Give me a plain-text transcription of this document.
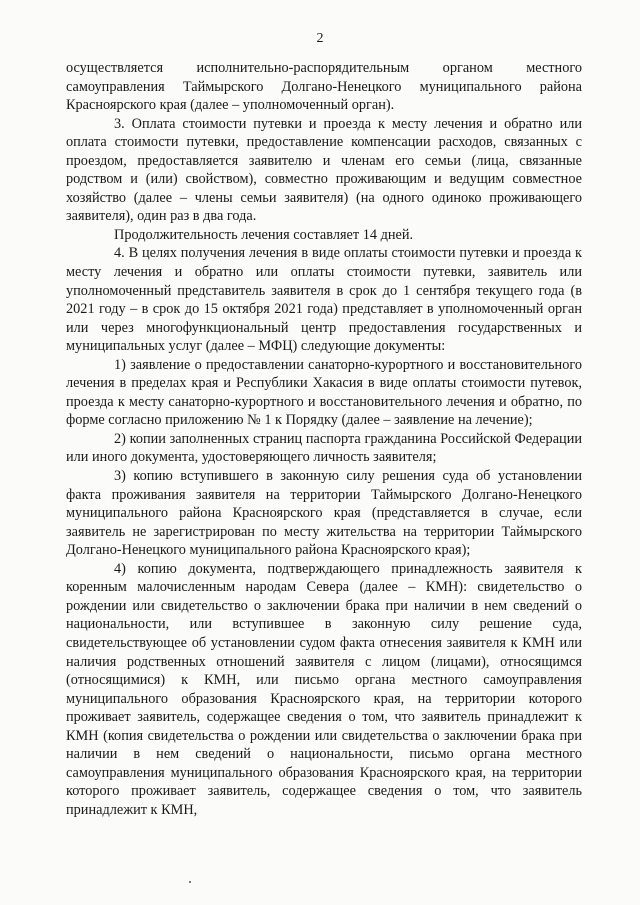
2

осуществляется исполнительно-распорядительным органом местного самоуправления Таймырского Долгано-Ненецкого муниципального района Красноярского края (далее – уполномоченный орган).

3. Оплата стоимости путевки и проезда к месту лечения и обратно или оплата стоимости путевки, предоставление компенсации расходов, связанных с проездом, предоставляется заявителю и членам его семьи (лица, связанные родством и (или) свойством), совместно проживающим и ведущим совместное хозяйство (далее – члены семьи заявителя) (на одного одиноко проживающего заявителя), один раз в два года.

Продолжительность лечения составляет 14 дней.

4. В целях получения лечения в виде оплаты стоимости путевки и проезда к месту лечения и обратно или оплаты стоимости путевки, заявитель или уполномоченный представитель заявителя в срок до 1 сентября текущего года (в 2021 году – в срок до 15 октября 2021 года) представляет в уполномоченный орган или через многофункциональный центр предоставления государственных и муниципальных услуг (далее – МФЦ) следующие документы:

1) заявление о предоставлении санаторно-курортного и восстановительного лечения в пределах края и Республики Хакасия в виде оплаты стоимости путевок, проезда к месту санаторно-курортного и восстановительного лечения и обратно, по форме согласно приложению № 1 к Порядку (далее – заявление на лечение);

2) копии заполненных страниц паспорта гражданина Российской Федерации или иного документа, удостоверяющего личность заявителя;

3) копию вступившего в законную силу решения суда об установлении факта проживания заявителя на территории Таймырского Долгано-Ненецкого муниципального района Красноярского края (представляется в случае, если заявитель не зарегистрирован по месту жительства на территории Таймырского Долгано-Ненецкого муниципального района Красноярского края);

4) копию документа, подтверждающего принадлежность заявителя к коренным малочисленным народам Севера (далее – КМН): свидетельство о рождении или свидетельство о заключении брака при наличии в нем сведений о национальности, или вступившее в законную силу решение суда, свидетельствующее об установлении судом факта отнесения заявителя к КМН или наличия родственных отношений заявителя с лицом (лицами), относящимся (относящимися) к КМН, или письмо органа местного самоуправления муниципального образования Красноярского края, на территории которого проживает заявитель, содержащее сведения о том, что заявитель принадлежит к КМН (копия свидетельства о рождении или свидетельства о заключении брака при наличии в нем сведений о национальности, письмо органа местного самоуправления муниципального образования Красноярского края, на территории которого проживает заявитель, содержащее сведения о том, что заявитель принадлежит к КМН,
